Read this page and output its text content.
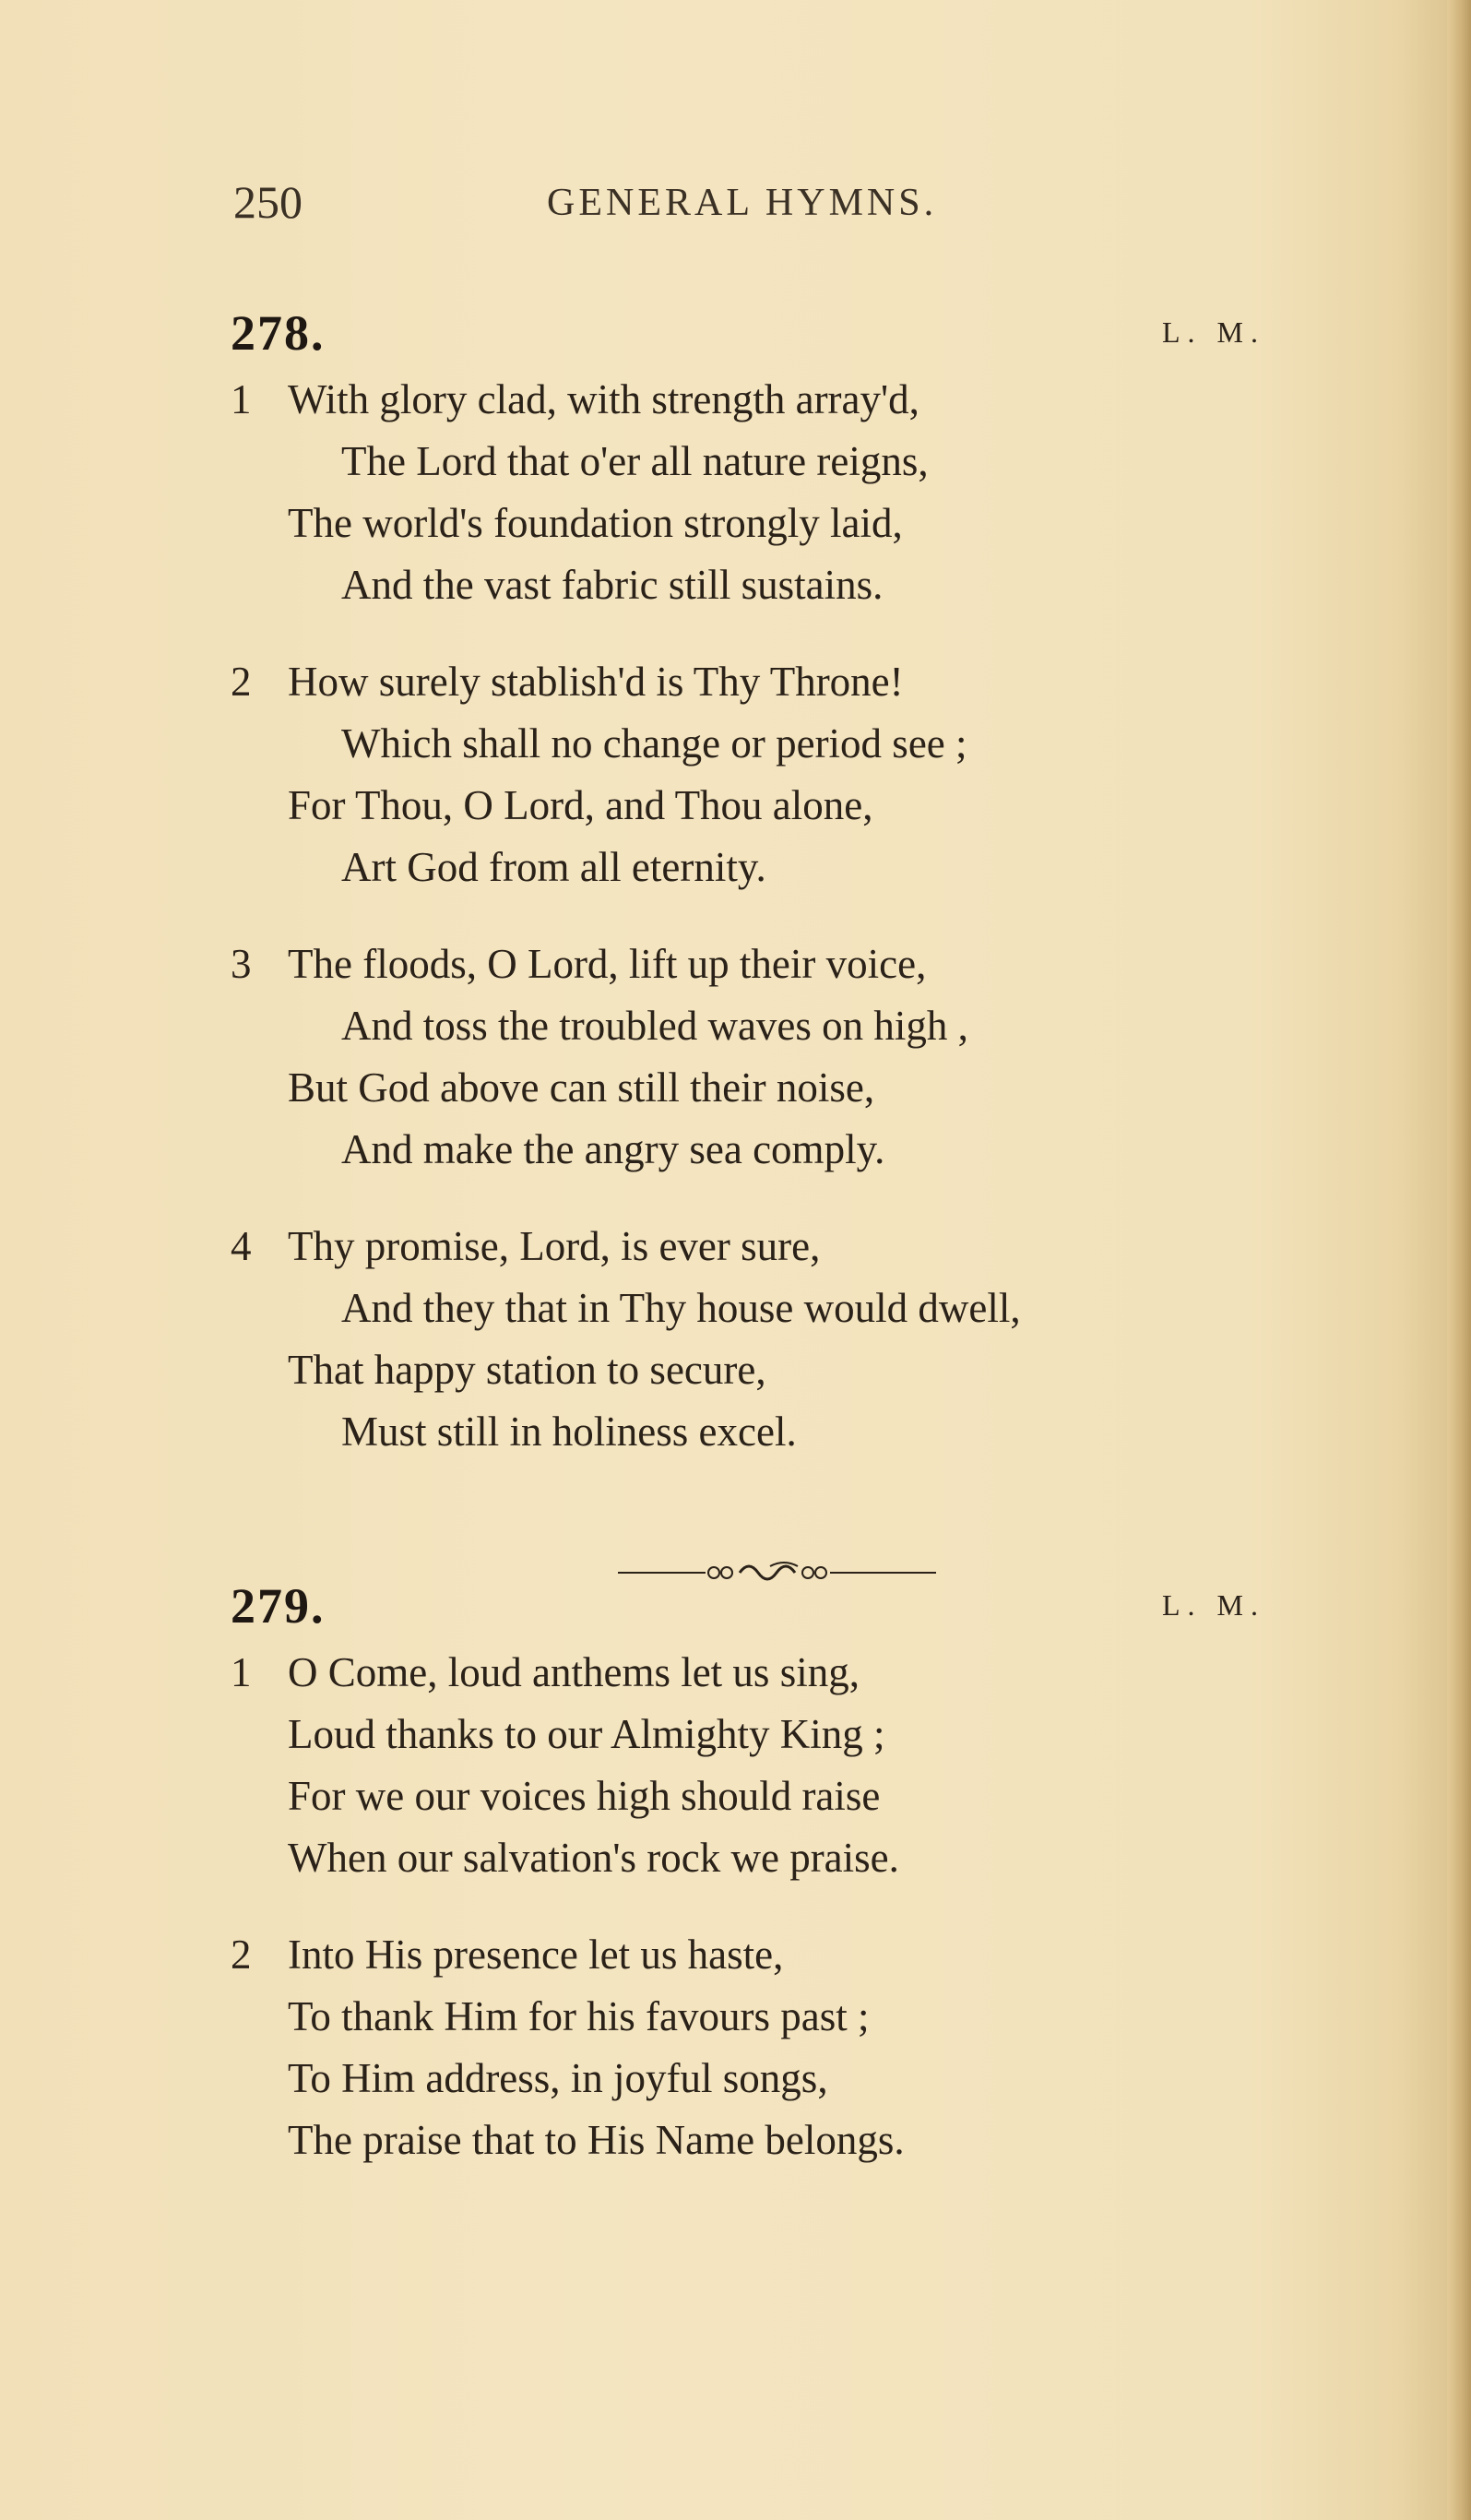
250	GENERAL HYMNS.
278.	L. M.
1 With glory clad, with strength array'd,
The Lord that o'er all nature reigns,
The world's foundation strongly laid,
And the vast fabric still sustains.
2 How surely stablish'd is Thy Throne!
Which shall no change or period see ;
For Thou, O Lord, and Thou alone,
Art God from all eternity.
3 The floods, O Lord, lift up their voice,
And toss the troubled waves on high ,
But God above can still their noise,
And make the angry sea comply.
4 Thy promise, Lord, is ever sure,
And they that in Thy house would dwell,
That happy station to secure,
Must still in holiness excel.
279.	L. M.
1 O Come, loud anthems let us sing,
Loud thanks to our Almighty King ;
For we our voices high should raise
When our salvation's rock we praise.
2 Into His presence let us haste,
To thank Him for his favours past ;
To Him address, in joyful songs,
The praise that to His Name belongs.
